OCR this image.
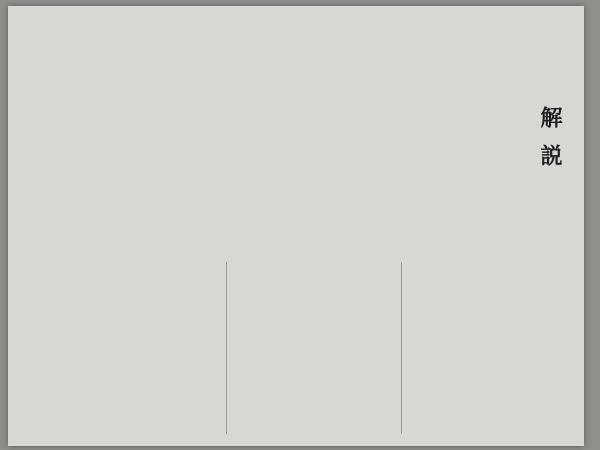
解説
